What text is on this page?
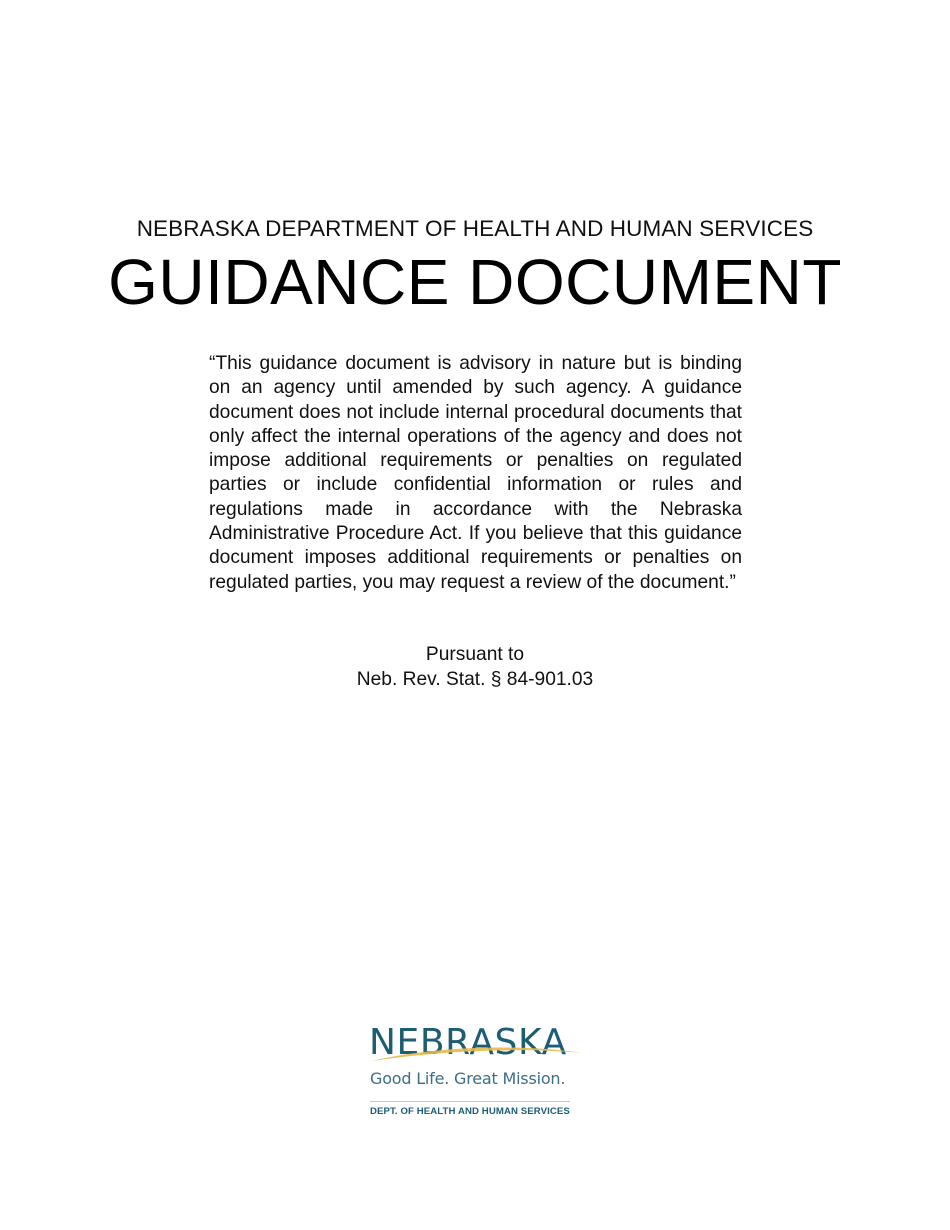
NEBRASKA DEPARTMENT OF HEALTH AND HUMAN SERVICES
GUIDANCE DOCUMENT
“This guidance document is advisory in nature but is binding on an agency until amended by such agency. A guidance document does not include internal procedural documents that only affect the internal operations of the agency and does not impose additional requirements or penalties on regulated parties or include confidential information or rules and regulations made in accordance with the Nebraska Administrative Procedure Act. If you believe that this guidance document imposes additional requirements or penalties on regulated parties, you may request a review of the document.”
Pursuant to
Neb. Rev. Stat. § 84-901.03
NEBRASKA
Good Life. Great Mission.
DEPT. OF HEALTH AND HUMAN SERVICES
